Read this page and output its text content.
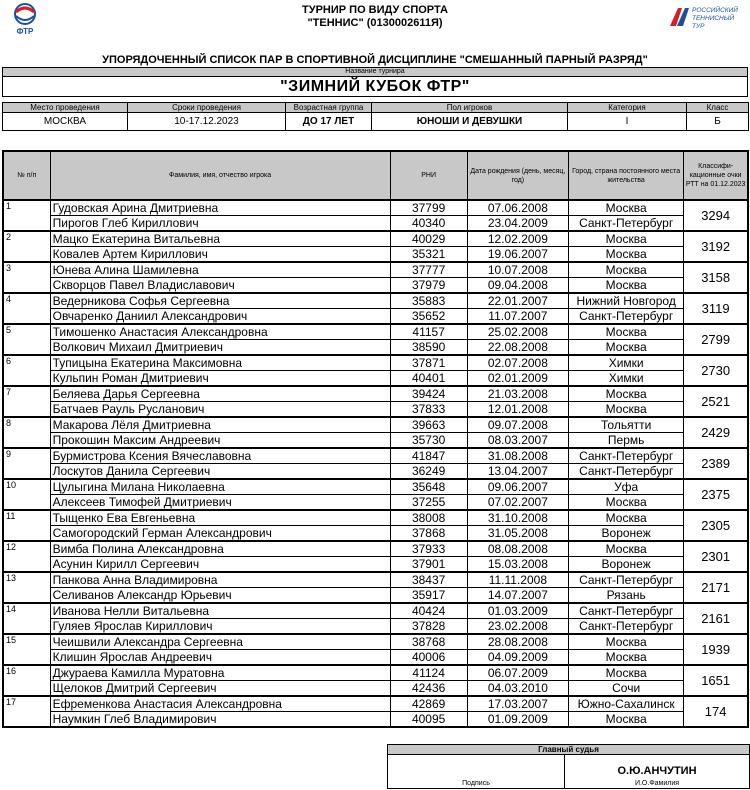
ФТР
РОССИЙСКИЙ
ТЕННИСНЫЙ
ТУР
ТУРНИР ПО ВИДУ СПОРТА
"ТЕННИС" (0130002611Я)
УПОРЯДОЧЕННЫЙ СПИСОК ПАР В СПОРТИВНОЙ ДИСЦИПЛИНЕ "СМЕШАННЫЙ ПАРНЫЙ РАЗРЯД"
Название турнира
"ЗИМНИЙ КУБОК ФТР"
Место проведения	Сроки проведения	Возрастная группа	Пол игроков	Категория	Класс
МОСКВА	10-17.12.2023	ДО 17 ЛЕТ	ЮНОШИ И ДЕВУШКИ	I	Б
№ п/п	Фамилия, имя, отчество игрока	РНИ	Дата рождения (день, месяц, год)	Город, страна постоянного места жительства	Классифи-кационные очки РТТ на 01.12.2023
1	Гудовская Арина Дмитриевна	37799	07.06.2008	Москва	3294
	Пирогов Глеб Кириллович	40340	23.04.2009	Санкт-Петербург	
2	Мацко Екатерина Витальевна	40029	12.02.2009	Москва	3192
	Ковалев Артем Кириллович	35321	19.06.2007	Москва	
3	Юнева Алина Шамилевна	37777	10.07.2008	Москва	3158
	Скворцов Павел Владиславович	37979	09.04.2008	Москва	
4	Ведерникова Софья Сергеевна	35883	22.01.2007	Нижний Новгород	3119
	Овчаренко Даниил Александрович	35652	11.07.2007	Санкт-Петербург	
5	Тимошенко Анастасия Александровна	41157	25.02.2008	Москва	2799
	Волкович Михаил Дмитриевич	38590	22.08.2008	Москва	
6	Тупицына Екатерина Максимовна	37871	02.07.2008	Химки	2730
	Кульпин Роман Дмитриевич	40401	02.01.2009	Химки	
7	Беляева Дарья Сергеевна	39424	21.03.2008	Москва	2521
	Батчаев Рауль Русланович	37833	12.01.2008	Москва	
8	Макарова Лёля Дмитриевна	39663	09.07.2008	Тольятти	2429
	Прокошин Максим Андреевич	35730	08.03.2007	Пермь	
9	Бурмистрова Ксения Вячеславовна	41847	31.08.2008	Санкт-Петербург	2389
	Лоскутов Данила Сергеевич	36249	13.04.2007	Санкт-Петербург	
10	Цулыгина Милана Николаевна	35648	09.06.2007	Уфа	2375
	Алексеев Тимофей Дмитриевич	37255	07.02.2007	Москва	
11	Тыщенко Ева Евгеньевна	38008	31.10.2008	Москва	2305
	Самогородский Герман Александрович	37868	31.05.2008	Воронеж	
12	Вимба Полина Александровна	37933	08.08.2008	Москва	2301
	Асунин Кирилл Сергеевич	37901	15.03.2008	Воронеж	
13	Панкова Анна Владимировна	38437	11.11.2008	Санкт-Петербург	2171
	Селиванов Александр Юрьевич	35917	14.07.2007	Рязань	
14	Иванова Нелли Витальевна	40424	01.03.2009	Санкт-Петербург	2161
	Гуляев Ярослав Кириллович	37828	23.02.2008	Санкт-Петербург	
15	Чеишвили Александра Сергеевна	38768	28.08.2008	Москва	1939
	Клишин Ярослав Андреевич	40006	04.09.2009	Москва	
16	Джураева Камилла Муратовна	41124	06.07.2009	Москва	1651
	Щелоков Дмитрий Сергеевич	42436	04.03.2010	Сочи	
17	Ефременкова Анастасия Александровна	42869	17.03.2007	Южно-Сахалинск	174
	Наумкин Глеб Владимирович	40095	01.09.2009	Москва	
Главный судья

Подпись

О.Ю.АНЧУТИН
И.О.Фамилия
